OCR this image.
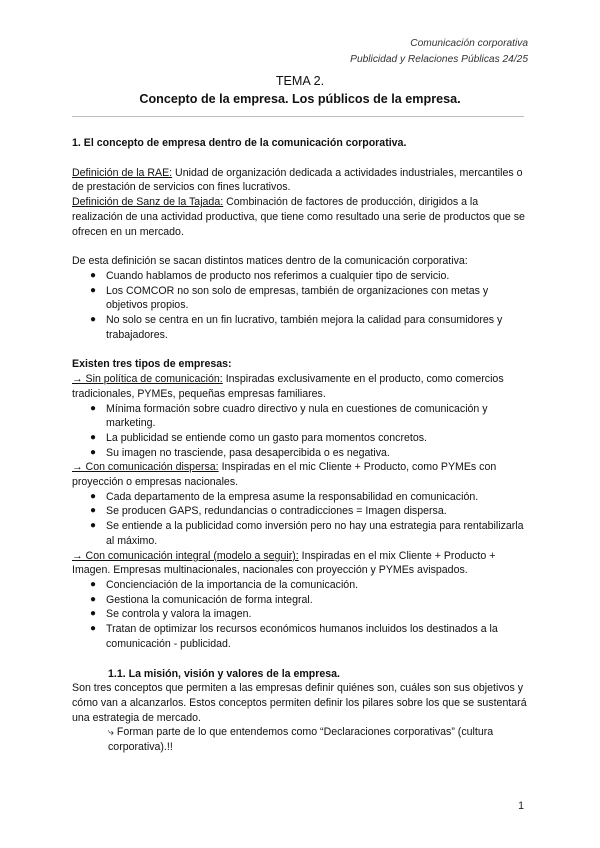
Comunicación corporativa
Publicidad y Relaciones Públicas 24/25
TEMA 2.
Concepto de la empresa. Los públicos de la empresa.

1. El concepto de empresa dentro de la comunicación corporativa.

Definición de la RAE: Unidad de organización dedicada a actividades industriales, mercantiles o de prestación de servicios con fines lucrativos.

Definición de Sanz de la Tajada: Combinación de factores de producción, dirigidos a la realización de una actividad productiva, que tiene como resultado una serie de productos que se ofrecen en un mercado.

De esta definición se sacan distintos matices dentro de la comunicación corporativa:

● Cuando hablamos de producto nos referimos a cualquier tipo de servicio.
● Los COMCOR no son solo de empresas, también de organizaciones con metas y objetivos propios.
● No solo se centra en un fin lucrativo, también mejora la calidad para consumidores y trabajadores.

Existen tres tipos de empresas:

→ Sin política de comunicación: Inspiradas exclusivamente en el producto, como comercios tradicionales, PYMEs, pequeñas empresas familiares.

● Mínima formación sobre cuadro directivo y nula en cuestiones de comunicación y marketing.
● La publicidad se entiende como un gasto para momentos concretos.
● Su imagen no trasciende, pasa desapercibida o es negativa.

→ Con comunicación dispersa: Inspiradas en el mic Cliente + Producto, como PYMEs con proyección o empresas nacionales.

● Cada departamento de la empresa asume la responsabilidad en comunicación.
● Se producen GAPS, redundancias o contradicciones = Imagen dispersa.
● Se entiende a la publicidad como inversión pero no hay una estrategia para rentabilizarla al máximo.

→ Con comunicación integral (modelo a seguir): Inspiradas en el mix Cliente + Producto + Imagen. Empresas multinacionales, nacionales con proyección y PYMEs avispados.

● Concienciación de la importancia de la comunicación.
● Gestiona la comunicación de forma integral.
● Se controla y valora la imagen.
● Tratan de optimizar los recursos económicos humanos incluidos los destinados a la comunicación - publicidad.

1.1. La misión, visión y valores de la empresa.

Son tres conceptos que permiten a las empresas definir quiénes son, cuáles son sus objetivos y cómo van a alcanzarlos. Estos conceptos permiten definir los pilares sobre los que se sustentará una estrategia de mercado.

⤷ Forman parte de lo que entendemos como “Declaraciones corporativas” (cultura corporativa).!!

1
